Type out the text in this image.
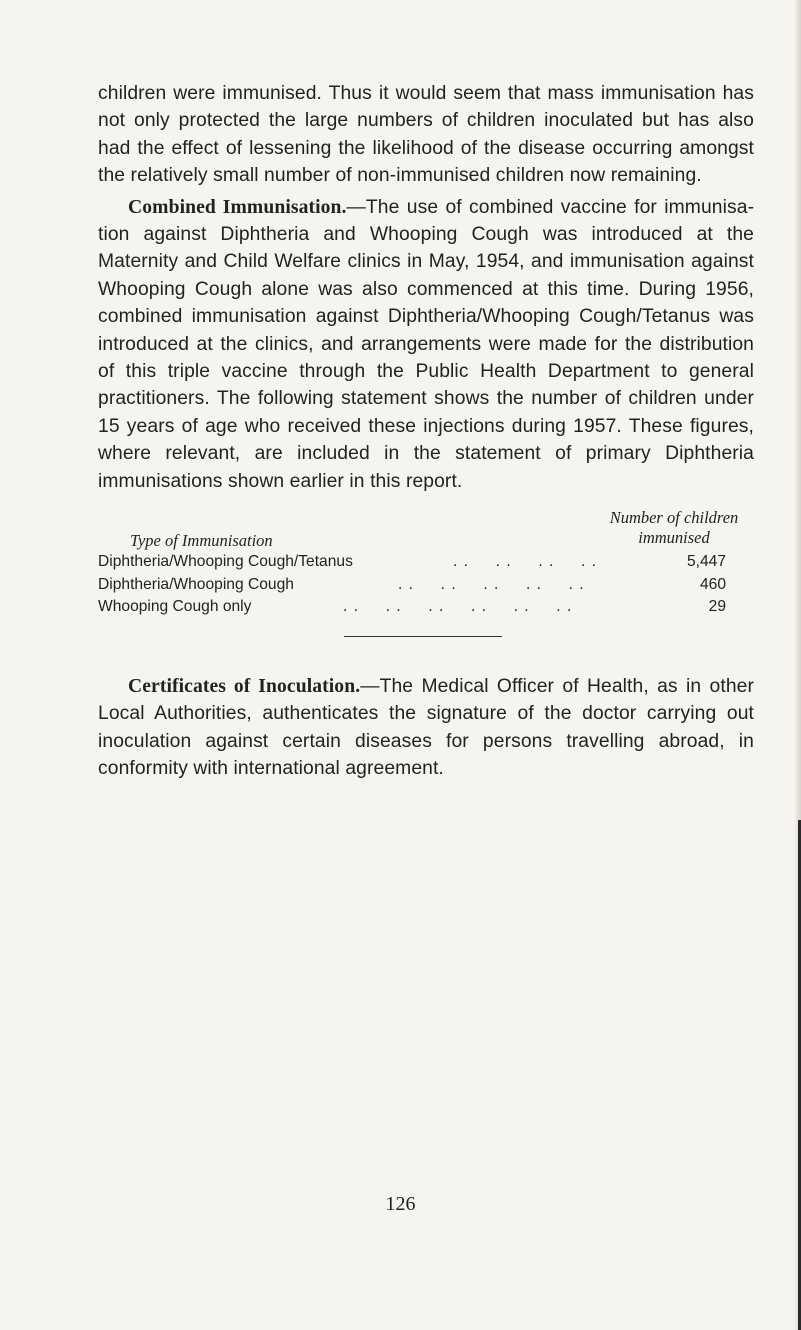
children were immunised. Thus it would seem that mass immunisation has not only protected the large numbers of children inoculated but has also had the effect of lessening the likelihood of the disease occurring amongst the relatively small number of non-immunised children now remaining.

Combined Immunisation.—The use of combined vaccine for immunisation against Diphtheria and Whooping Cough was introduced at the Maternity and Child Welfare clinics in May, 1954, and immunisation against Whooping Cough alone was also commenced at this time. During 1956, combined immunisation against Diphtheria/Whooping Cough/Tetanus was introduced at the clinics, and arrangements were made for the distribution of this triple vaccine through the Public Health Department to general practitioners. The following statement shows the number of children under 15 years of age who received these injections during 1957. These figures, where relevant, are included in the statement of primary Diphtheria immunisations shown earlier in this report.

Type of Immunisation
Number of children
immunised
Diphtheria/Whooping Cough/Tetanus	. .     . .     . .     . .	5,447
Diphtheria/Whooping Cough	. .     . .     . .     . .     . .	460
Whooping Cough only	. .     . .     . .     . .     . .     . .	29

Certificates of Inoculation.—The Medical Officer of Health, as in other Local Authorities, authenticates the signature of the doctor carrying out inoculation against certain diseases for persons travelling abroad, in conformity with international agreement.

126
